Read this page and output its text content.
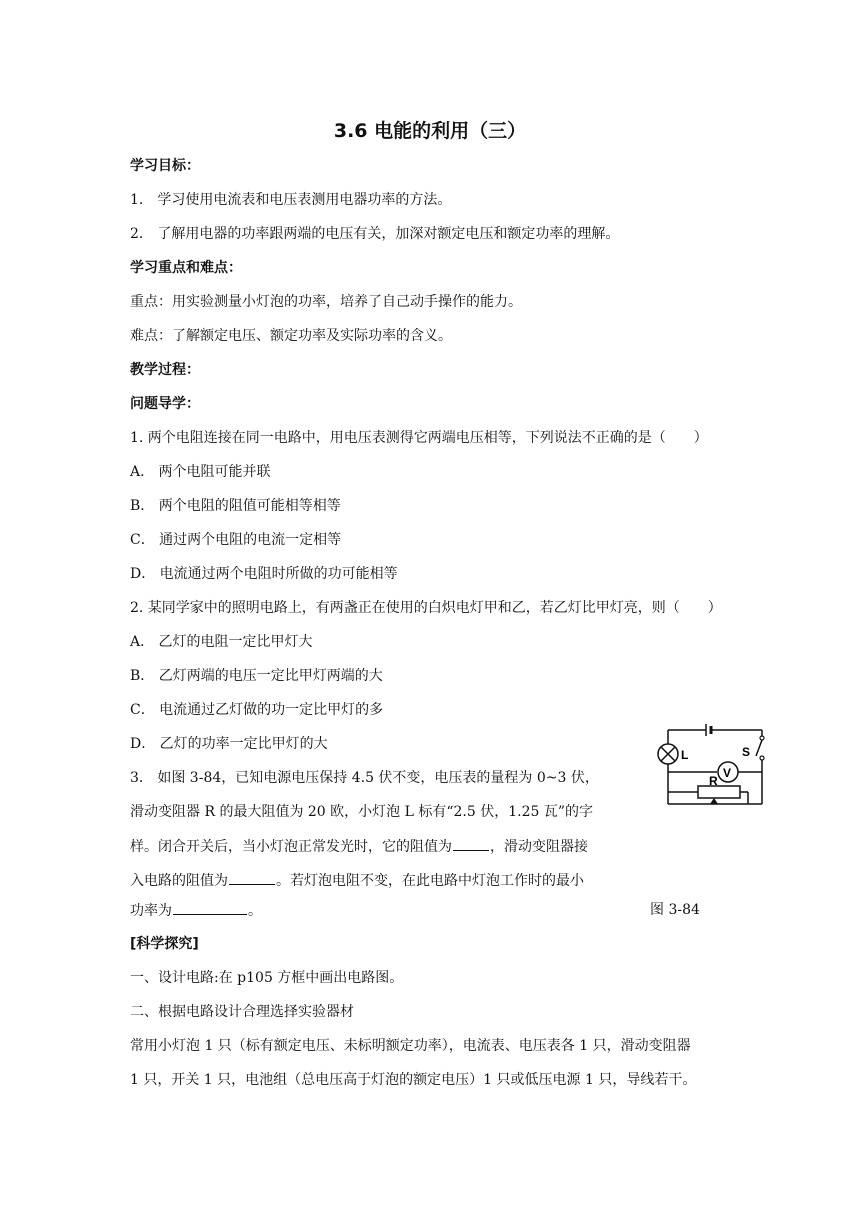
3.6 电能的利用（三）
学习目标：
1． 学习使用电流表和电压表测用电器功率的方法。
2． 了解用电器的功率跟两端的电压有关，加深对额定电压和额定功率的理解。
学习重点和难点：
重点：用实验测量小灯泡的功率，培养了自己动手操作的能力。
难点：了解额定电压、额定功率及实际功率的含义。
教学过程：
问题导学：
1. 两个电阻连接在同一电路中，用电压表测得它两端电压相等，下列说法不正确的是（　　）
A． 两个电阻可能并联
B． 两个电阻的阻值可能相等相等
C． 通过两个电阻的电流一定相等
D． 电流通过两个电阻时所做的功可能相等
2. 某同学家中的照明电路上，有两盏正在使用的白炽电灯甲和乙，若乙灯比甲灯亮，则（　　）
A． 乙灯的电阻一定比甲灯大
B． 乙灯两端的电压一定比甲灯两端的大
C． 电流通过乙灯做的功一定比甲灯的多
D． 乙灯的功率一定比甲灯的大
3． 如图 3-84，已知电源电压保持 4.5 伏不变，电压表的量程为 0~3 伏，
滑动变阻器 R 的最大阻值为 20 欧，小灯泡 L 标有“2.5 伏，1.25 瓦”的字
样。闭合开关后，当小灯泡正常发光时，它的阻值为	，滑动变阻器接
入电路的阻值为	。若灯泡电阻不变，在此电路中灯泡工作时的最小
功率为	。
L	S
V
R
图 3-84
[科学探究]
一、设计电路:在 p105 方框中画出电路图。
二、根据电路设计合理选择实验器材
常用小灯泡 1 只（标有额定电压、未标明额定功率），电流表、电压表各 1 只，滑动变阻器
1 只，开关 1 只，电池组（总电压高于灯泡的额定电压）1 只或低压电源 1 只，导线若干。
